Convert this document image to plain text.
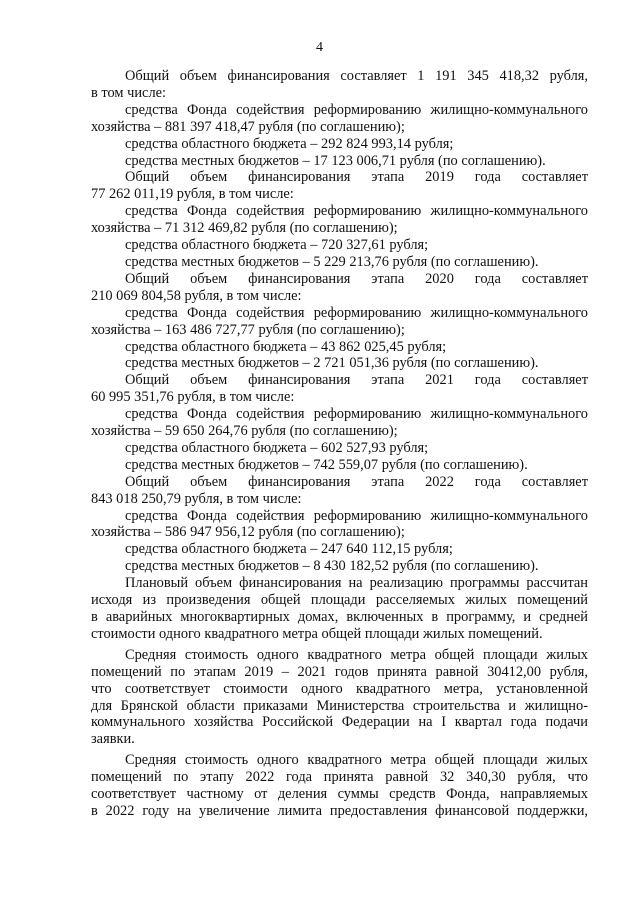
4

Общий объем финансирования составляет 1 191 345 418,32 рубля,

в том числе:

средства Фонда содействия реформированию жилищно-коммунального

хозяйства – 881 397 418,47 рубля (по соглашению);

средства областного бюджета – 292 824 993,14 рубля;

средства местных бюджетов – 17 123 006,71 рубля (по соглашению).

Общий объем финансирования этапа 2019 года составляет

77 262 011,19 рубля, в том числе:

средства Фонда содействия реформированию жилищно-коммунального

хозяйства – 71 312 469,82 рубля (по соглашению);

средства областного бюджета – 720 327,61 рубля;

средства местных бюджетов – 5 229 213,76 рубля (по соглашению).

Общий объем финансирования этапа 2020 года составляет

210 069 804,58 рубля, в том числе:

средства Фонда содействия реформированию жилищно-коммунального

хозяйства – 163 486 727,77 рубля (по соглашению);

средства областного бюджета – 43 862 025,45 рубля;

средства местных бюджетов – 2 721 051,36 рубля (по соглашению).

Общий объем финансирования этапа 2021 года составляет

60 995 351,76 рубля, в том числе:

средства Фонда содействия реформированию жилищно-коммунального

хозяйства – 59 650 264,76 рубля (по соглашению);

средства областного бюджета – 602 527,93 рубля;

средства местных бюджетов – 742 559,07 рубля (по соглашению).

Общий объем финансирования этапа 2022 года составляет

843 018 250,79 рубля, в том числе:

средства Фонда содействия реформированию жилищно-коммунального

хозяйства – 586 947 956,12 рубля (по соглашению);

средства областного бюджета – 247 640 112,15 рубля;

средства местных бюджетов – 8 430 182,52 рубля (по соглашению).

Плановый объем финансирования на реализацию программы рассчитан

исходя из произведения общей площади расселяемых жилых помещений

в аварийных многоквартирных домах, включенных в программу, и средней

стоимости одного квадратного метра общей площади жилых помещений.

Средняя стоимость одного квадратного метра общей площади жилых

помещений по этапам 2019 – 2021 годов принята равной 30412,00 рубля,

что соответствует стоимости одного квадратного метра, установленной

для Брянской области приказами Министерства строительства и жилищно-

коммунального хозяйства Российской Федерации на I квартал года подачи

заявки.

Средняя стоимость одного квадратного метра общей площади жилых

помещений по этапу 2022 года принята равной 32 340,30 рубля, что

соответствует частному от деления суммы средств Фонда, направляемых

в 2022 году на увеличение лимита предоставления финансовой поддержки,
